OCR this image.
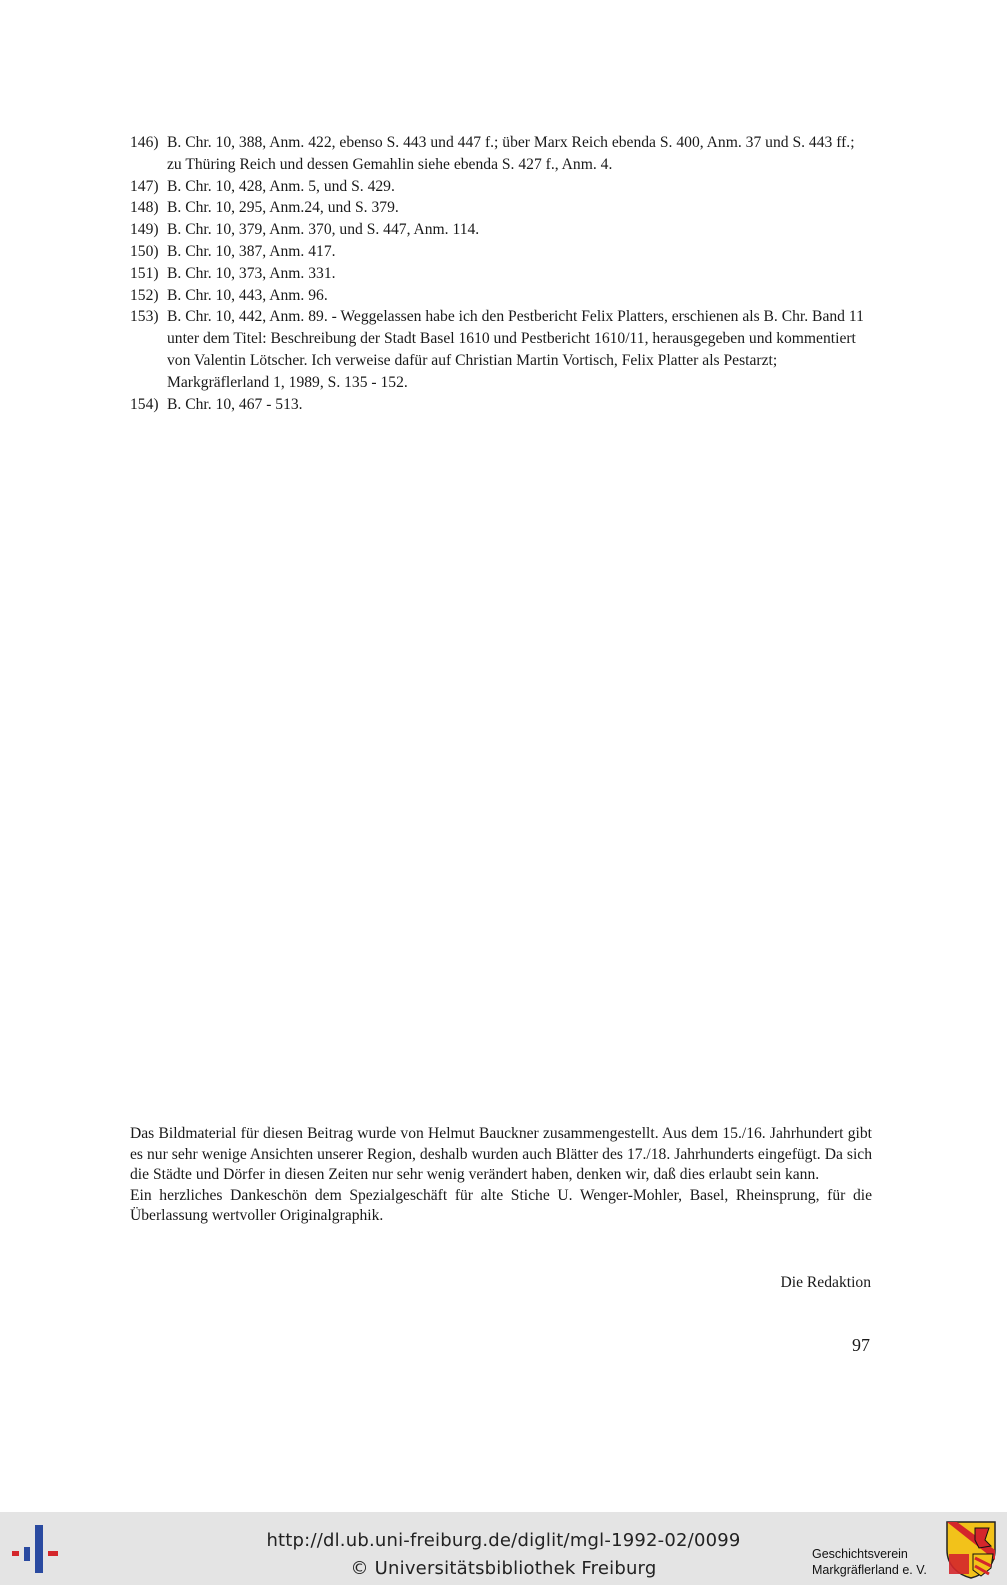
146) B. Chr. 10, 388, Anm. 422, ebenso S. 443 und 447 f.; über Marx Reich ebenda S. 400, Anm. 37 und S. 443 ff.; zu Thüring Reich und dessen Gemahlin siehe ebenda S. 427 f., Anm. 4.
147) B. Chr. 10, 428, Anm. 5, und S. 429.
148) B. Chr. 10, 295, Anm.24, und S. 379.
149) B. Chr. 10, 379, Anm. 370, und S. 447, Anm. 114.
150) B. Chr. 10, 387, Anm. 417.
151) B. Chr. 10, 373, Anm. 331.
152) B. Chr. 10, 443, Anm. 96.
153) B. Chr. 10, 442, Anm. 89. - Weggelassen habe ich den Pestbericht Felix Platters, erschienen als B. Chr. Band 11 unter dem Titel: Beschreibung der Stadt Basel 1610 und Pestbericht 1610/11, herausgegeben und kommentiert von Valentin Lötscher. Ich verweise dafür auf Christian Martin Vortisch, Felix Platter als Pestarzt; Markgräflerland 1, 1989, S. 135 - 152.
154) B. Chr. 10, 467 - 513.

Das Bildmaterial für diesen Beitrag wurde von Helmut Bauckner zusammengestellt. Aus dem 15./16. Jahrhundert gibt es nur sehr wenige Ansichten unserer Region, deshalb wurden auch Blätter des 17./18. Jahrhunderts eingefügt. Da sich die Städte und Dörfer in diesen Zeiten nur sehr wenig verändert haben, denken wir, daß dies erlaubt sein kann.

Ein herzliches Dankeschön dem Spezialgeschäft für alte Stiche U. Wenger-Mohler, Basel, Rheinsprung, für die Überlassung wertvoller Originalgraphik.

Die Redaktion
97
http://dl.ub.uni-freiburg.de/diglit/mgl-1992-02/0099
© Universitätsbibliothek Freiburg
Geschichtsverein
Markgräflerland e. V.
